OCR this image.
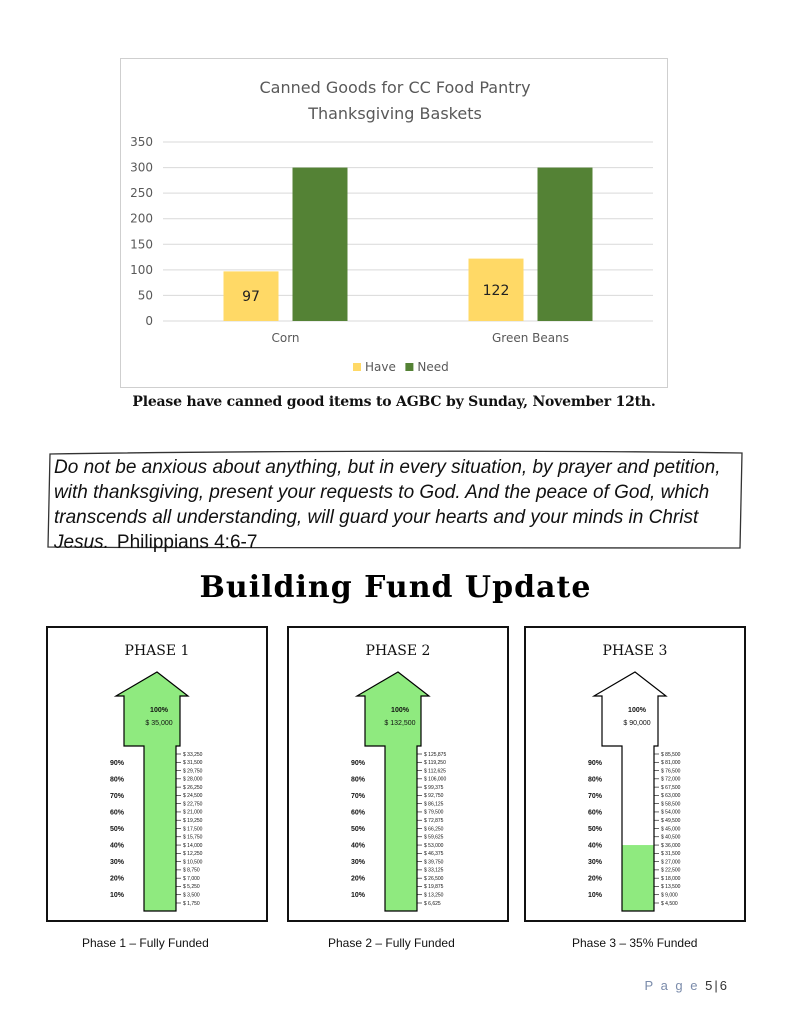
Canned Goods for CC Food Pantry
Thanksgiving Baskets
0
50
100
150
200
250
300
350
97
Corn
122
Green Beans
Have Need
Please have canned good items to AGBC by Sunday, November 12th.
Do not be anxious about anything, but in every situation, by prayer and petition, with thanksgiving, present your requests to God. And the peace of God, which transcends all understanding, will guard your hearts and your minds in Christ Jesus. Philippians 4:6-7
Building Fund Update
PHASE 1
100%
$ 35,000
$ 33,250
$ 31,500
$ 29,750
$ 28,000
$ 26,250
$ 24,500
$ 22,750
$ 21,000
$ 19,250
$ 17,500
$ 15,750
$ 14,000
$ 12,250
$ 10,500
$ 8,750
$ 7,000
$ 5,250
$ 3,500
$ 1,750
90%
80%
70%
60%
50%
40%
30%
20%
10%
PHASE 2
100%
$ 132,500
$ 125,875
$ 119,250
$ 112,625
$ 106,000
$ 99,375
$ 92,750
$ 86,125
$ 79,500
$ 72,875
$ 66,250
$ 59,625
$ 53,000
$ 46,375
$ 39,750
$ 33,125
$ 26,500
$ 19,875
$ 13,250
$ 6,625
90%
80%
70%
60%
50%
40%
30%
20%
10%
PHASE 3
100%
$ 90,000
$ 85,500
$ 81,000
$ 76,500
$ 72,000
$ 67,500
$ 63,000
$ 58,500
$ 54,000
$ 49,500
$ 45,000
$ 40,500
$ 36,000
$ 31,500
$ 27,000
$ 22,500
$ 18,000
$ 13,500
$ 9,000
$ 4,500
90%
80%
70%
60%
50%
40%
30%
20%
10%
Phase 1 – Fully Funded	Phase 2 – Fully Funded	Phase 3 – 35% Funded
P a g e 5 | 6
